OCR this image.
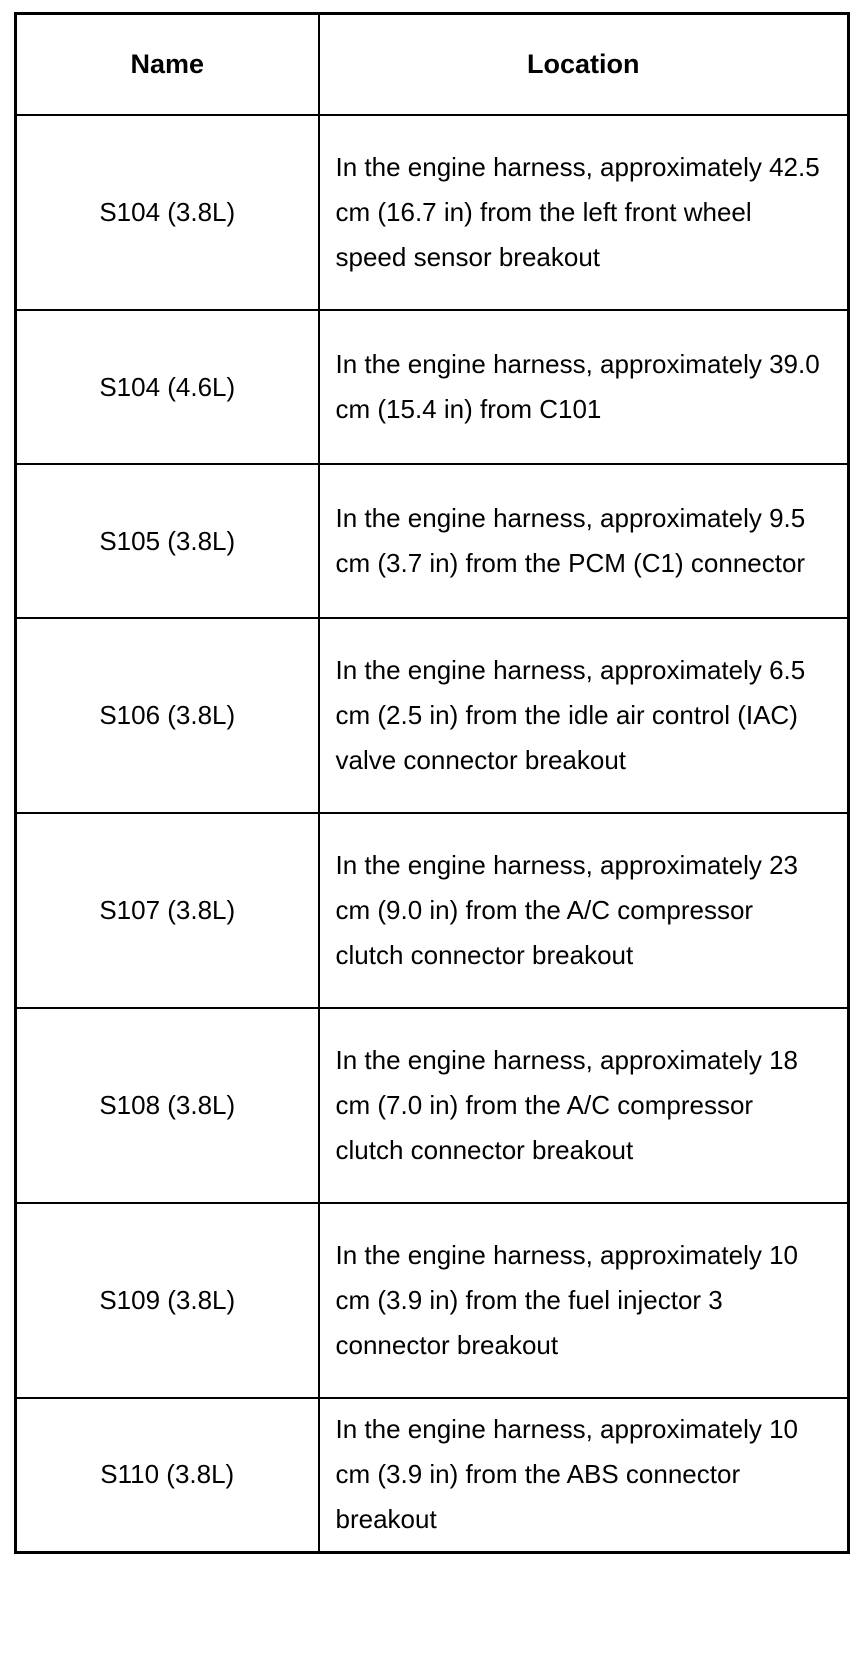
Name	Location
S104 (3.8L)	In the engine harness, approximately 42.5 cm (16.7 in) from the left front wheel speed sensor breakout
S104 (4.6L)	In the engine harness, approximately 39.0 cm (15.4 in) from C101
S105 (3.8L)	In the engine harness, approximately 9.5 cm (3.7 in) from the PCM (C1) connector
S106 (3.8L)	In the engine harness, approximately 6.5 cm (2.5 in) from the idle air control (IAC) valve connector breakout
S107 (3.8L)	In the engine harness, approximately 23 cm (9.0 in) from the A/C compressor clutch connector breakout
S108 (3.8L)	In the engine harness, approximately 18 cm (7.0 in) from the A/C compressor clutch connector breakout
S109 (3.8L)	In the engine harness, approximately 10 cm (3.9 in) from the fuel injector 3 connector breakout
S110 (3.8L)	In the engine harness, approximately 10 cm (3.9 in) from the ABS connector breakout
